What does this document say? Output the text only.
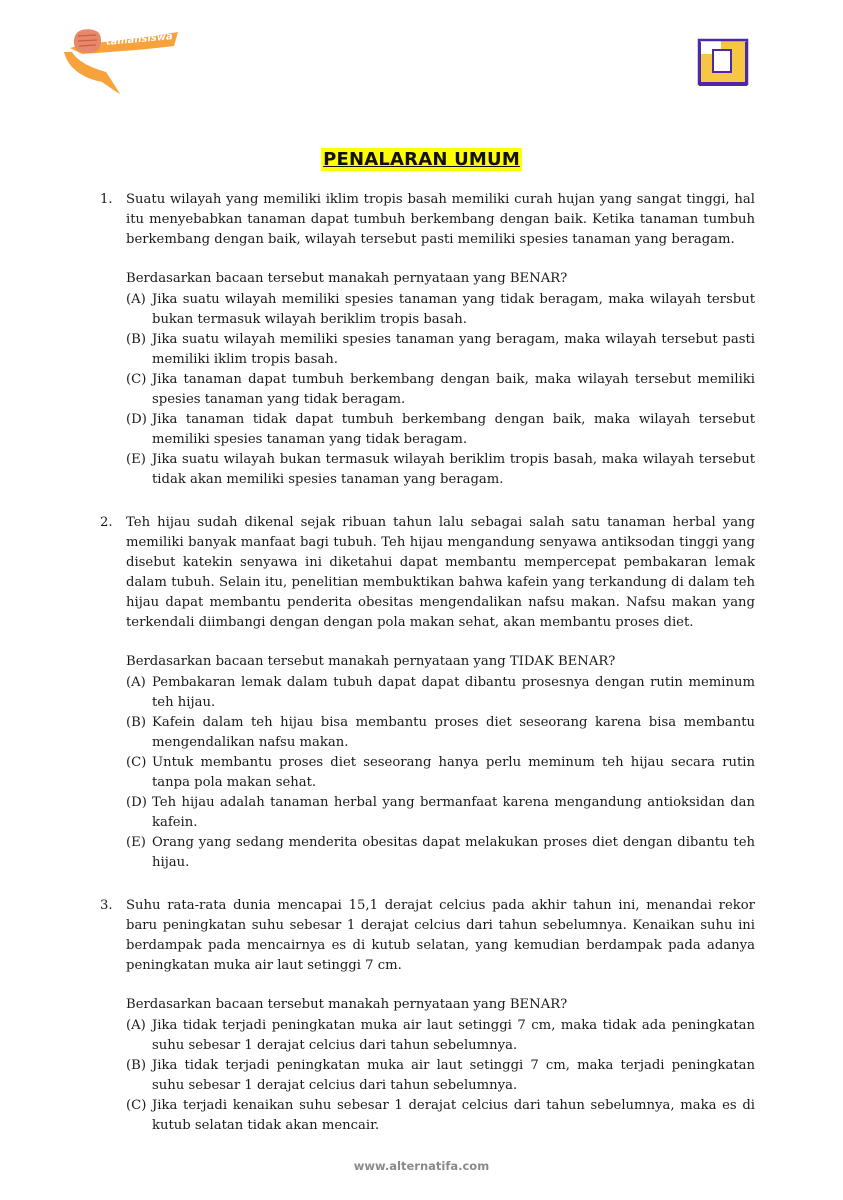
tamansiswa
PENALARAN UMUM
1. Suatu wilayah yang memiliki iklim tropis basah memiliki curah hujan yang sangat tinggi, hal itu menyebabkan tanaman dapat tumbuh berkembang dengan baik. Ketika tanaman tumbuh berkembang dengan baik, wilayah tersebut pasti memiliki spesies tanaman yang beragam.

Berdasarkan bacaan tersebut manakah pernyataan yang BENAR?
(A) Jika suatu wilayah memiliki spesies tanaman yang tidak beragam, maka wilayah tersbut bukan termasuk wilayah beriklim tropis basah.
(B) Jika suatu wilayah memiliki spesies tanaman yang beragam, maka wilayah tersebut pasti memiliki iklim tropis basah.
(C) Jika tanaman dapat tumbuh berkembang dengan baik, maka wilayah tersebut memiliki spesies tanaman yang tidak beragam.
(D) Jika tanaman tidak dapat tumbuh berkembang dengan baik, maka wilayah tersebut memiliki spesies tanaman yang tidak beragam.
(E) Jika suatu wilayah bukan termasuk wilayah beriklim tropis basah, maka wilayah tersebut tidak akan memiliki spesies tanaman yang beragam.
2. Teh hijau sudah dikenal sejak ribuan tahun lalu sebagai salah satu tanaman herbal yang memiliki banyak manfaat bagi tubuh. Teh hijau mengandung senyawa antiksodan tinggi yang disebut katekin senyawa ini diketahui dapat membantu mempercepat pembakaran lemak dalam tubuh. Selain itu, penelitian membuktikan bahwa kafein yang terkandung di dalam teh hijau dapat membantu penderita obesitas mengendalikan nafsu makan. Nafsu makan yang terkendali diimbangi dengan dengan pola makan sehat, akan membantu proses diet.

Berdasarkan bacaan tersebut manakah pernyataan yang TIDAK BENAR?
(A) Pembakaran lemak dalam tubuh dapat dapat dibantu prosesnya dengan rutin meminum teh hijau.
(B) Kafein dalam teh hijau bisa membantu proses diet seseorang karena bisa membantu mengendalikan nafsu makan.
(C) Untuk membantu proses diet seseorang hanya perlu meminum teh hijau secara rutin tanpa pola makan sehat.
(D) Teh hijau adalah tanaman herbal yang bermanfaat karena mengandung antioksidan dan kafein.
(E) Orang yang sedang menderita obesitas dapat melakukan proses diet dengan dibantu teh hijau.
3. Suhu rata-rata dunia mencapai 15,1 derajat celcius pada akhir tahun ini, menandai rekor baru peningkatan suhu sebesar 1 derajat celcius dari tahun sebelumnya. Kenaikan suhu ini berdampak pada mencairnya es di kutub selatan, yang kemudian berdampak pada adanya peningkatan muka air laut setinggi 7 cm.

Berdasarkan bacaan tersebut manakah pernyataan yang BENAR?
(A) Jika tidak terjadi peningkatan muka air laut setinggi 7 cm, maka tidak ada peningkatan suhu sebesar 1 derajat celcius dari tahun sebelumnya.
(B) Jika tidak terjadi peningkatan muka air laut setinggi 7 cm, maka terjadi peningkatan suhu sebesar 1 derajat celcius dari tahun sebelumnya.
(C) Jika terjadi kenaikan suhu sebesar 1 derajat celcius dari tahun sebelumnya, maka es di kutub selatan tidak akan mencair.
www.alternatifa.com
